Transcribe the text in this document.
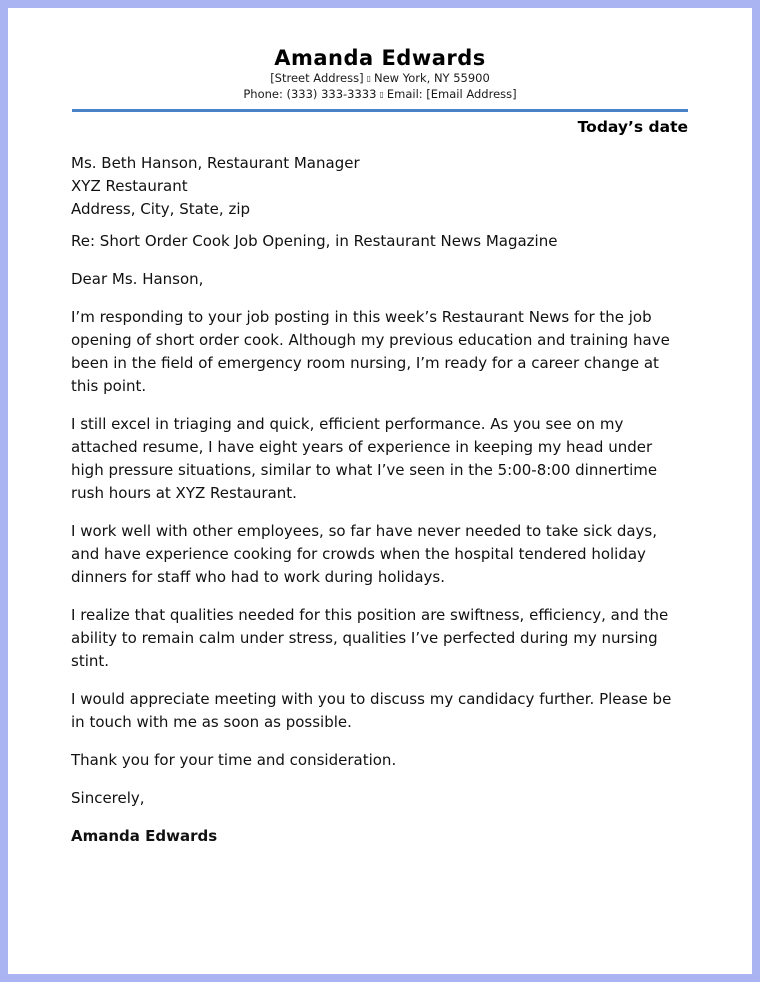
Amanda Edwards
[Street Address] ▯ New York, NY 55900
Phone: (333) 333-3333 ▯ Email: [Email Address]
Today’s date
Ms. Beth Hanson, Restaurant Manager
XYZ Restaurant
Address, City, State, zip

Re: Short Order Cook Job Opening, in Restaurant News Magazine

Dear Ms. Hanson,

I’m responding to your job posting in this week’s Restaurant News for the job opening of short order cook. Although my previous education and training have been in the field of emergency room nursing, I’m ready for a career change at this point.

I still excel in triaging and quick, efficient performance. As you see on my attached resume, I have eight years of experience in keeping my head under high pressure situations, similar to what I’ve seen in the 5:00-8:00 dinnertime rush hours at XYZ Restaurant.

I work well with other employees, so far have never needed to take sick days, and have experience cooking for crowds when the hospital tendered holiday dinners for staff who had to work during holidays.

I realize that qualities needed for this position are swiftness, efficiency, and the ability to remain calm under stress, qualities I’ve perfected during my nursing stint.

I would appreciate meeting with you to discuss my candidacy further. Please be in touch with me as soon as possible.

Thank you for your time and consideration.

Sincerely,

Amanda Edwards
